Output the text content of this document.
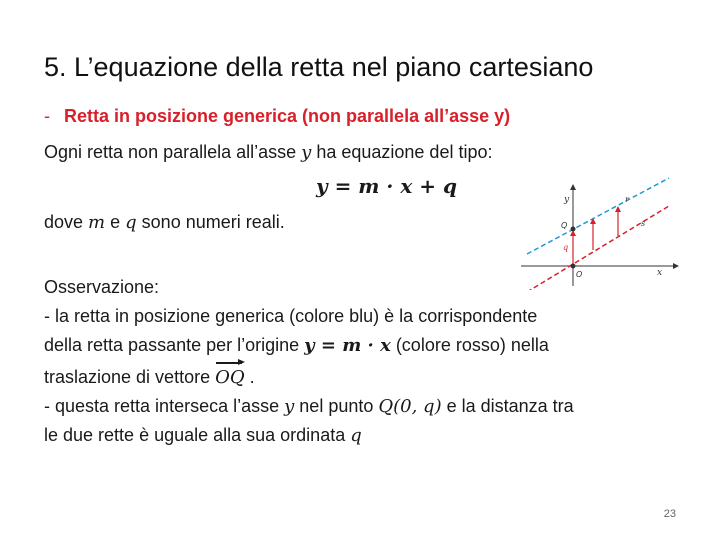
5. L’equazione della retta nel piano cartesiano

- Retta in posizione generica (non parallela all’asse y)

Ogni retta non parallela all’asse y ha equazione del tipo:

y = m · x + q

dove m e q sono numeri reali.

Osservazione:

- la retta in posizione generica (colore blu) è la corrispondente

della retta passante per l’origine y = m · x (colore rosso) nella

traslazione di vettore OQ .

- questa retta interseca l’asse y nel punto Q(0, q) e la distanza tra

le due rette è uguale alla sua ordinata q

y
x
O
Q
q
r
s
23
